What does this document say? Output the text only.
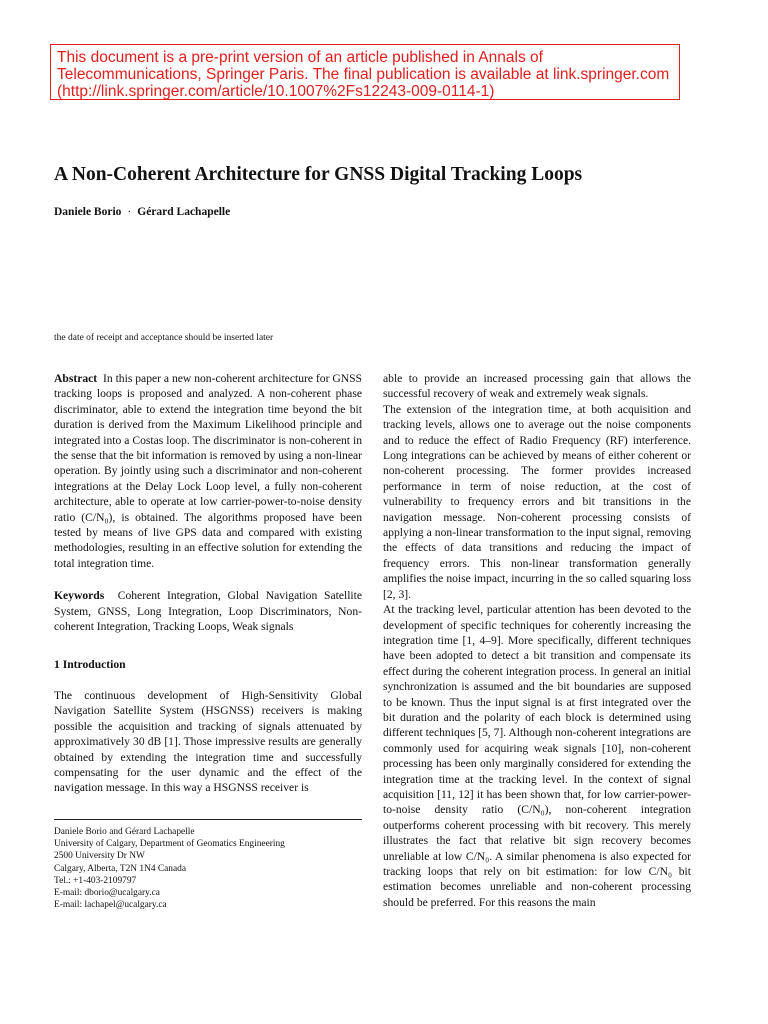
This document is a pre-print version of an article published in Annals of
Telecommunications, Springer Paris. The final publication is available at link.springer.com
(http://link.springer.com/article/10.1007%2Fs12243-009-0114-1)
A Non-Coherent Architecture for GNSS Digital Tracking Loops
Daniele Borio · Gérard Lachapelle
the date of receipt and acceptance should be inserted later

Abstract In this paper a new non-coherent architecture for GNSS tracking loops is proposed and analyzed. A non-coherent phase discriminator, able to extend the integration time beyond the bit duration is derived from the Maximum Likelihood principle and integrated into a Costas loop. The discriminator is non-coherent in the sense that the bit information is removed by using a non-linear operation. By jointly using such a discriminator and non-coherent integrations at the Delay Lock Loop level, a fully non-coherent architecture, able to operate at low carrier-power-to-noise density ratio (C/N₀), is obtained. The algorithms proposed have been tested by means of live GPS data and compared with existing methodologies, resulting in an effective solution for extending the total integration time.

Keywords Coherent Integration, Global Navigation Satellite System, GNSS, Long Integration, Loop Discriminators, Non-coherent Integration, Tracking Loops, Weak signals

1 Introduction

The continuous development of High-Sensitivity Global Navigation Satellite System (HSGNSS) receivers is making possible the acquisition and tracking of signals attenuated by approximatively 30 dB [1]. Those impressive results are generally obtained by extending the integration time and successfully compensating for the user dynamic and the effect of the navigation message. In this way a HSGNSS receiver is

Daniele Borio and Gérard Lachapelle
University of Calgary, Department of Geomatics Engineering
2500 University Dr NW
Calgary, Alberta, T2N 1N4 Canada
Tel.: +1-403-2109797
E-mail: dborio@ucalgary.ca
E-mail: lachapel@ucalgary.ca

able to provide an increased processing gain that allows the successful recovery of weak and extremely weak signals.

The extension of the integration time, at both acquisition and tracking levels, allows one to average out the noise components and to reduce the effect of Radio Frequency (RF) interference. Long integrations can be achieved by means of either coherent or non-coherent processing. The former provides increased performance in term of noise reduction, at the cost of vulnerability to frequency errors and bit transitions in the navigation message. Non-coherent processing consists of applying a non-linear transformation to the input signal, removing the effects of data transitions and reducing the impact of frequency errors. This non-linear transformation generally amplifies the noise impact, incurring in the so called squaring loss [2, 3].

At the tracking level, particular attention has been devoted to the development of specific techniques for coherently increasing the integration time [1, 4–9]. More specifically, different techniques have been adopted to detect a bit transition and compensate its effect during the coherent integration process. In general an initial synchronization is assumed and the bit boundaries are supposed to be known. Thus the input signal is at first integrated over the bit duration and the polarity of each block is determined using different techniques [5, 7]. Although non-coherent integrations are commonly used for acquiring weak signals [10], non-coherent processing has been only marginally considered for extending the integration time at the tracking level. In the context of signal acquisition [11, 12] it has been shown that, for low carrier-power-to-noise density ratio (C/N₀), non-coherent integration outperforms coherent processing with bit recovery. This merely illustrates the fact that relative bit sign recovery becomes unreliable at low C/N₀. A similar phenomena is also expected for tracking loops that rely on bit estimation: for low C/N₀ bit estimation becomes unreliable and non-coherent processing should be preferred. For this reasons the main
